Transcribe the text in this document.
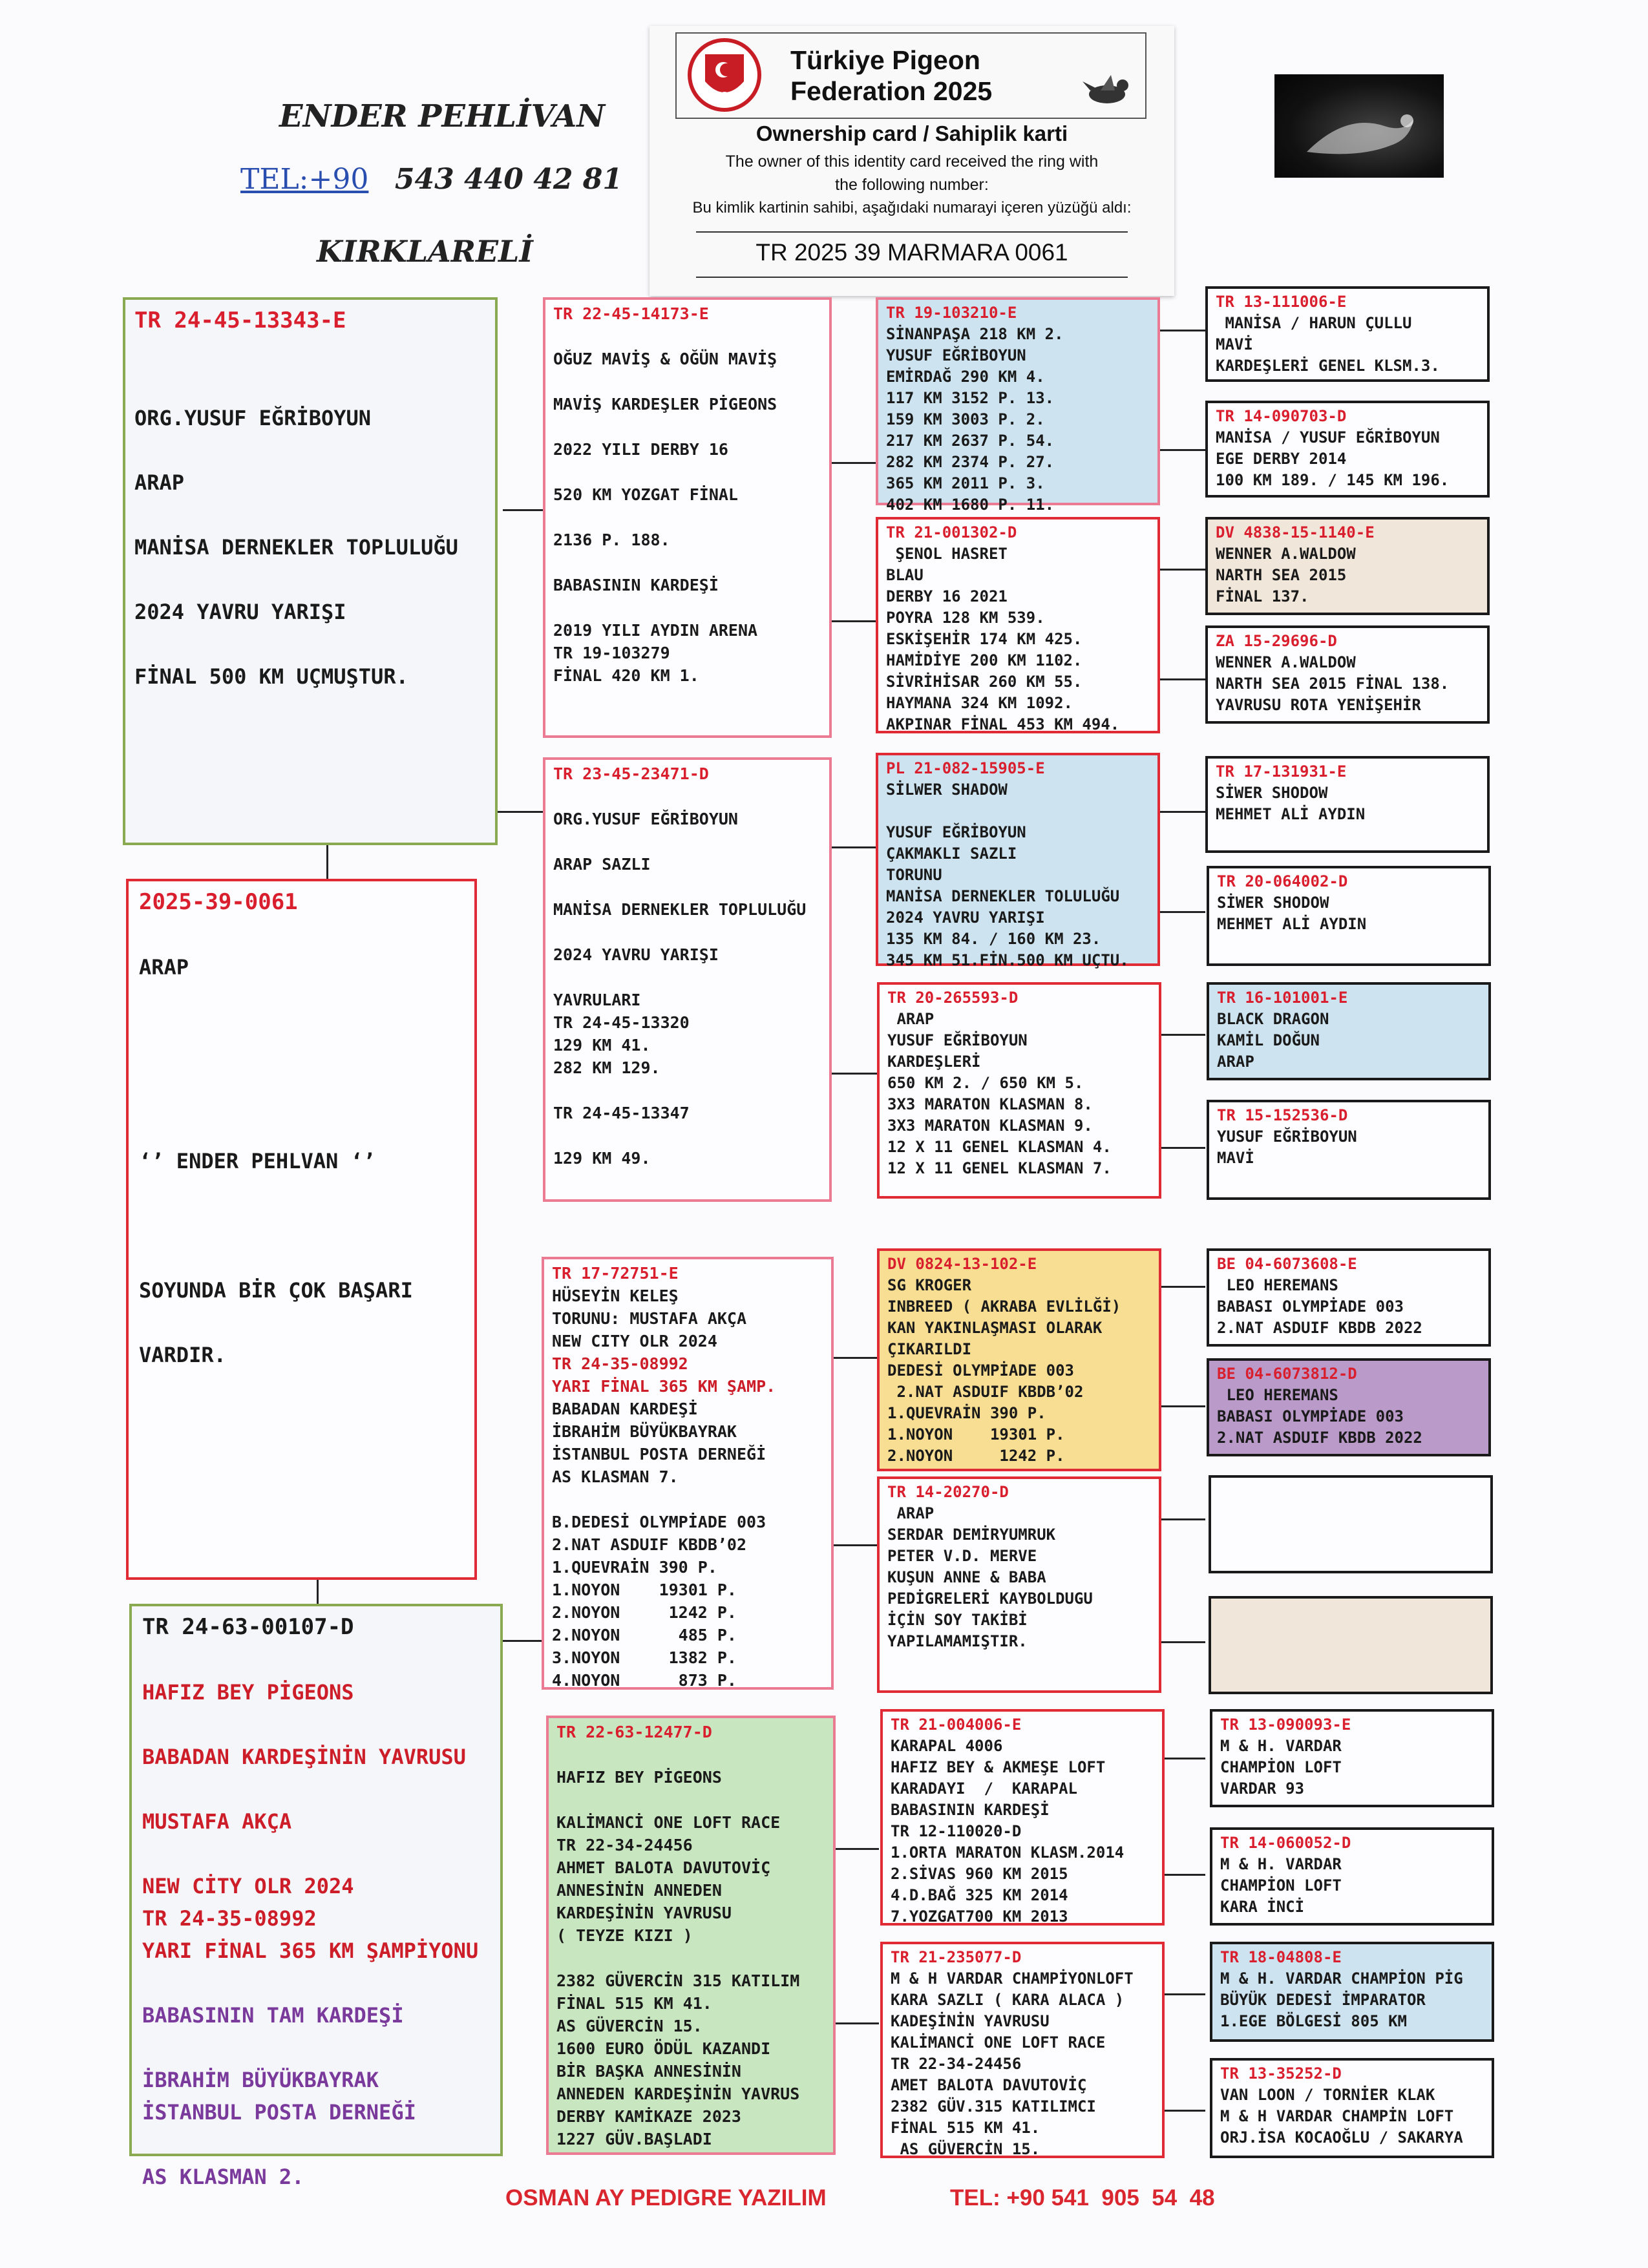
ENDER PEHLİVAN
TEL:+90 543 440 42 81
KIRKLARELİ
TGF
Türkiye Pigeon
Federation 2025
Ownership card / Sahiplik karti
The owner of this identity card received the ring with
the following number:
Bu kimlik kartinin sahibi, aşağıdaki numarayi içeren yüzüğü aldı:
TR 2025 39 MARMARA 0061
TR 24-45-13343-E

ORG.YUSUF EĞRİBOYUN

ARAP

MANİSA DERNEKLER TOPLULUĞU

2024 YAVRU YARIŞI

FİNAL 500 KM UÇMUŞTUR.
2025-39-0061

ARAP

‘’ ENDER PEHLVAN ‘’

SOYUNDA BİR ÇOK BAŞARI

VARDIR.
TR 24-63-00107-D

HAFIZ BEY PİGEONS

BABADAN KARDEŞİNİN YAVRUSU

MUSTAFA AKÇA

NEW CİTY OLR 2024
TR 24-35-08992
YARI FİNAL 365 KM ŞAMPİYONU

BABASININ TAM KARDEŞİ

İBRAHİM BÜYÜKBAYRAK
İSTANBUL POSTA DERNEĞİ

AS KLASMAN 2.
TR 22-45-14173-E

OĞUZ MAVİŞ & OĞÜN MAVİŞ

MAVİŞ KARDEŞLER PİGEONS

2022 YILI DERBY 16

520 KM YOZGAT FİNAL

2136 P. 188.

BABASININ KARDEŞİ

2019 YILI AYDIN ARENA
TR 19-103279
FİNAL 420 KM 1.
TR 23-45-23471-D

ORG.YUSUF EĞRİBOYUN

ARAP SAZLI

MANİSA DERNEKLER TOPLULUĞU

2024 YAVRU YARIŞI

YAVRULARI
TR 24-45-13320
129 KM 41.
282 KM 129.

TR 24-45-13347

129 KM 49.
TR 17-72751-E
HÜSEYİN KELEŞ
TORUNU: MUSTAFA AKÇA
NEW CITY OLR 2024
TR 24-35-08992
YARI FİNAL 365 KM ŞAMP.
BABADAN KARDEŞİ
İBRAHİM BÜYÜKBAYRAK
İSTANBUL POSTA DERNEĞİ
AS KLASMAN 7.

B.DEDESİ OLYMPİADE 003
2.NAT ASDUIF KBDB’02
1.QUEVRAİN 390 P.
1.NOYON    19301 P.
2.NOYON     1242 P.
2.NOYON      485 P.
3.NOYON     1382 P.
4.NOYON      873 P.
TR 22-63-12477-D

HAFIZ BEY PİGEONS

KALİMANCİ ONE LOFT RACE
TR 22-34-24456
AHMET BALOTA DAVUTOVİÇ
ANNESİNİN ANNEDEN
KARDEŞİNİN YAVRUSU
( TEYZE KIZI )

2382 GÜVERCİN 315 KATILIM
FİNAL 515 KM 41.
AS GÜVERCİN 15.
1600 EURO ÖDÜL KAZANDI
BİR BAŞKA ANNESİNİN
ANNEDEN KARDEŞİNİN YAVRUS
DERBY KAMİKAZE 2023
1227 GÜV.BAŞLADI
TR 19-103210-E
SİNANPAŞA 218 KM 2.
YUSUF EĞRİBOYUN
EMİRDAĞ 290 KM 4.
117 KM 3152 P. 13.
159 KM 3003 P. 2.
217 KM 2637 P. 54.
282 KM 2374 P. 27.
365 KM 2011 P. 3.
402 KM 1680 P. 11.
TR 21-001302-D
ŞENOL HASRET
BLAU
DERBY 16 2021
POYRA 128 KM 539.
ESKİŞEHİR 174 KM 425.
HAMİDİYE 200 KM 1102.
SİVRİHİSAR 260 KM 55.
HAYMANA 324 KM 1092.
AKPINAR FİNAL 453 KM 494.
PL 21-082-15905-E
SİLWER SHADOW

YUSUF EĞRİBOYUN
ÇAKMAKLI SAZLI
TORUNU
MANİSA DERNEKLER TOLULUĞU
2024 YAVRU YARIŞI
135 KM 84. / 160 KM 23.
345 KM 51.FİN.500 KM UÇTU.
TR 20-265593-D
ARAP
YUSUF EĞRİBOYUN
KARDEŞLERİ
650 KM 2. / 650 KM 5.
3X3 MARATON KLASMAN 8.
3X3 MARATON KLASMAN 9.
12 X 11 GENEL KLASMAN 4.
12 X 11 GENEL KLASMAN 7.
DV 0824-13-102-E
SG KROGER
INBREED ( AKRABA EVLİLĞİ)
KAN YAKINLAŞMASI OLARAK
ÇIKARILDI
DEDESİ OLYMPİADE 003
2.NAT ASDUIF KBDB’02
1.QUEVRAİN 390 P.
1.NOYON    19301 P.
2.NOYON     1242 P.
TR 14-20270-D
ARAP
SERDAR DEMİRYUMRUK
PETER V.D. MERVE
KUŞUN ANNE & BABA
PEDİGRELERİ KAYBOLDUGU
İÇİN SOY TAKİBİ
YAPILAMAMIŞTIR.
TR 21-004006-E
KARAPAL 4006
HAFIZ BEY & AKMEŞE LOFT
KARADAYI  /  KARAPAL
BABASININ KARDEŞİ
TR 12-110020-D
1.ORTA MARATON KLASM.2014
2.SİVAS 960 KM 2015
4.D.BAĞ 325 KM 2014
7.YOZGAT700 KM 2013
TR 21-235077-D
M & H VARDAR CHAMPİYONLOFT
KARA SAZLI ( KARA ALACA )
KADEŞİNİN YAVRUSU
KALİMANCİ ONE LOFT RACE
TR 22-34-24456
AMET BALOTA DAVUTOVİÇ
2382 GÜV.315 KATILIMCI
FİNAL 515 KM 41.
AS GÜVERCİN 15.
TR 13-111006-E
MANİSA / HARUN ÇULLU
MAVİ
KARDEŞLERİ GENEL KLSM.3.
TR 14-090703-D
MANİSA / YUSUF EĞRİBOYUN
EGE DERBY 2014
100 KM 189. / 145 KM 196.
DV 4838-15-1140-E
WENNER A.WALDOW
NARTH SEA 2015
FİNAL 137.
ZA 15-29696-D
WENNER A.WALDOW
NARTH SEA 2015 FİNAL 138.
YAVRUSU ROTA YENİŞEHİR
TR 17-131931-E
SİWER SHODOW
MEHMET ALİ AYDIN
TR 20-064002-D
SİWER SHODOW
MEHMET ALİ AYDIN
TR 16-101001-E
BLACK DRAGON
KAMİL DOĞUN
ARAP
TR 15-152536-D
YUSUF EĞRİBOYUN
MAVİ
BE 04-6073608-E
LEO HEREMANS
BABASI OLYMPİADE 003
2.NAT ASDUIF KBDB 2022
BE 04-6073812-D
LEO HEREMANS
BABASI OLYMPİADE 003
2.NAT ASDUIF KBDB 2022

TR 13-090093-E
M & H. VARDAR
CHAMPİON LOFT
VARDAR 93
TR 14-060052-D
M & H. VARDAR
CHAMPİON LOFT
KARA İNCİ
TR 18-04808-E
M & H. VARDAR CHAMPİON PİG
BÜYÜK DEDESİ İMPARATOR
1.EGE BÖLGESİ 805 KM
TR 13-35252-D
VAN LOON / TORNİER KLAK
M & H VARDAR CHAMPİN LOFT
ORJ.İSA KOCAOĞLU / SAKARYA
OSMAN AY PEDIGRE YAZILIM	TEL: +90 541  905  54  48
